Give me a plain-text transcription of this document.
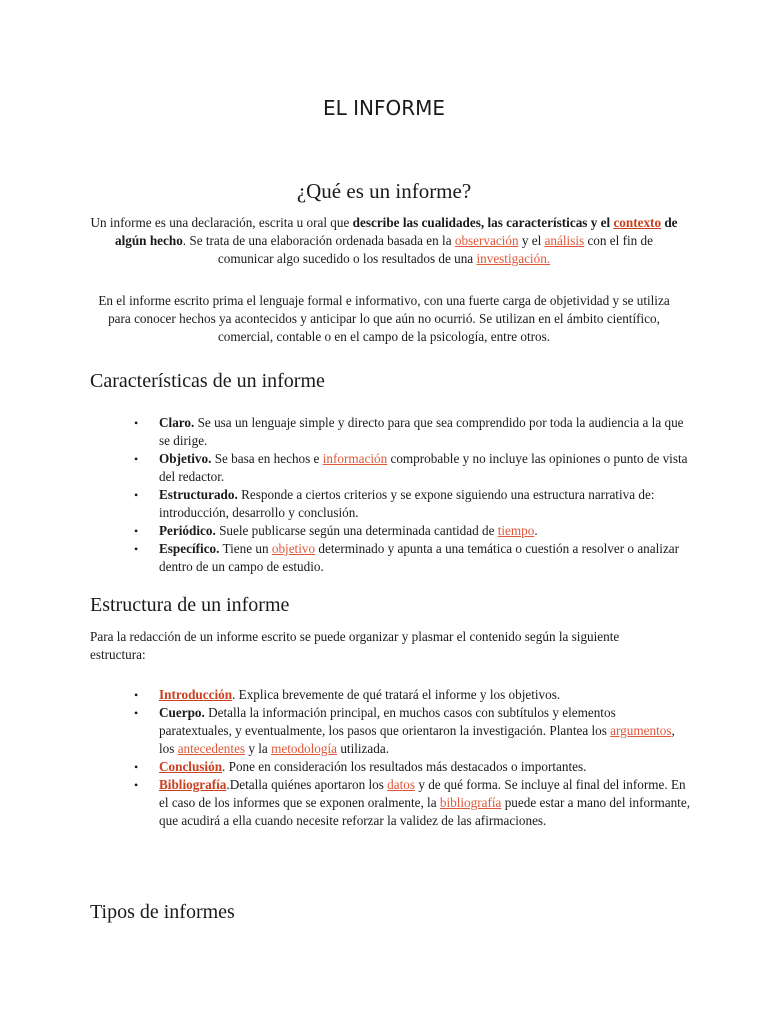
EL INFORME
¿Qué es un informe?

Un informe es una declaración, escrita u oral que describe las cualidades, las características y el contexto de algún hecho. Se trata de una elaboración ordenada basada en la observación y el análisis con el fin de comunicar algo sucedido o los resultados de una investigación.

En el informe escrito prima el lenguaje formal e informativo, con una fuerte carga de objetividad y se utiliza para conocer hechos ya acontecidos y anticipar lo que aún no ocurrió. Se utilizan en el ámbito científico, comercial, contable o en el campo de la psicología, entre otros.

Características de un informe
• Claro. Se usa un lenguaje simple y directo para que sea comprendido por toda la audiencia a la que se dirige.
• Objetivo. Se basa en hechos e información comprobable y no incluye las opiniones o punto de vista del redactor.
• Estructurado. Responde a ciertos criterios y se expone siguiendo una estructura narrativa de: introducción, desarrollo y conclusión.
• Periódico. Suele publicarse según una determinada cantidad de tiempo.
• Específico. Tiene un objetivo determinado y apunta a una temática o cuestión a resolver o analizar dentro de un campo de estudio.
Estructura de un informe

Para la redacción de un informe escrito se puede organizar y plasmar el contenido según la siguiente estructura:

• Introducción. Explica brevemente de qué tratará el informe y los objetivos.
• Cuerpo. Detalla la información principal, en muchos casos con subtítulos y elementos paratextuales, y eventualmente, los pasos que orientaron la investigación. Plantea los argumentos, los antecedentes y la metodología utilizada.
• Conclusión. Pone en consideración los resultados más destacados o importantes.
• Bibliografía.Detalla quiénes aportaron los datos y de qué forma. Se incluye al final del informe. En el caso de los informes que se exponen oralmente, la bibliografía puede estar a mano del informante, que acudirá a ella cuando necesite reforzar la validez de las afirmaciones.
Tipos de informes
